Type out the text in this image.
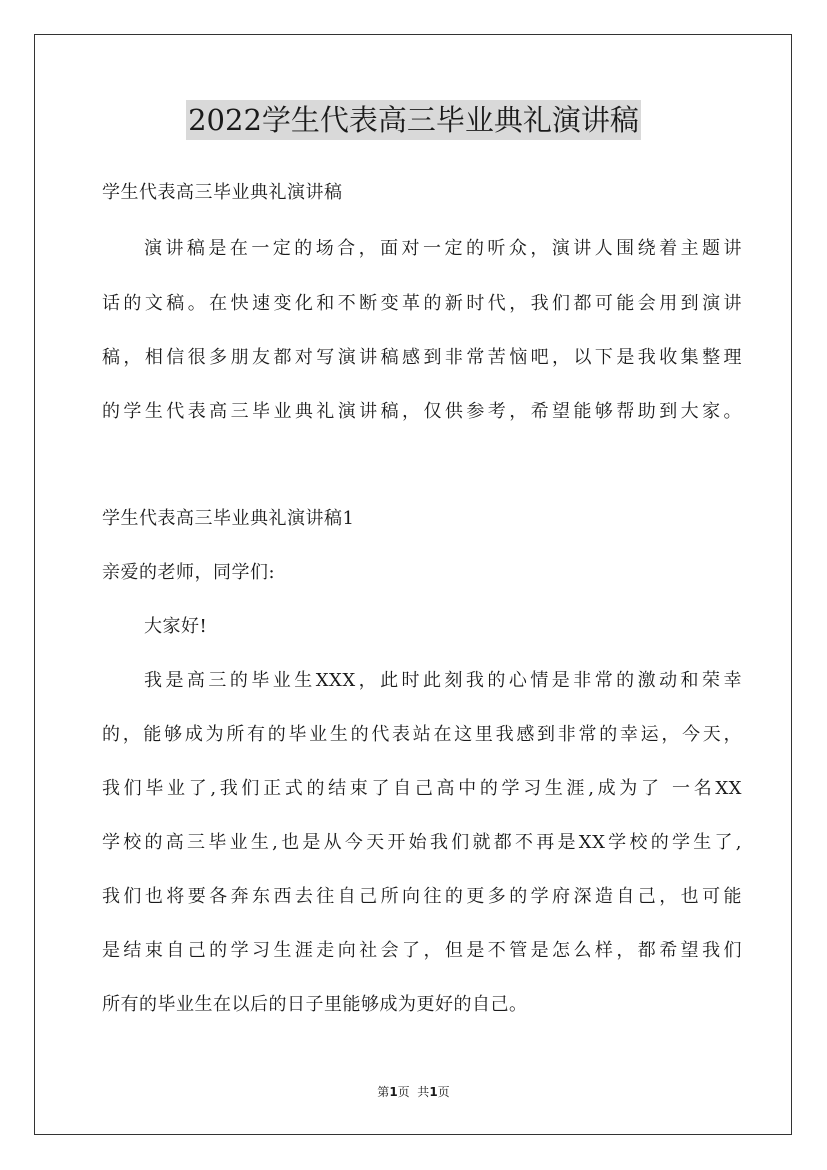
2022学生代表高三毕业典礼演讲稿
学生代表高三毕业典礼演讲稿
演讲稿是在一定的场合，面对一定的听众，演讲人围绕着主题讲
话的文稿。在快速变化和不断变革的新时代，我们都可能会用到演讲
稿，相信很多朋友都对写演讲稿感到非常苦恼吧，以下是我收集整理
的学生代表高三毕业典礼演讲稿，仅供参考，希望能够帮助到大家。
学生代表高三毕业典礼演讲稿1
亲爱的老师，同学们:
大家好!
我是高三的毕业生XXX，此时此刻我的心情是非常的激动和荣幸
的，能够成为所有的毕业生的代表站在这里我感到非常的幸运，今天，
我们毕业了,我们正式的结束了自己高中的学习生涯,成为了 一名XX
学校的高三毕业生,也是从今天开始我们就都不再是XX学校的学生了,
我们也将要各奔东西去往自己所向往的更多的学府深造自己，也可能
是结束自己的学习生涯走向社会了，但是不管是怎么样，都希望我们
所有的毕业生在以后的日子里能够成为更好的自己。
第1页  共1页
